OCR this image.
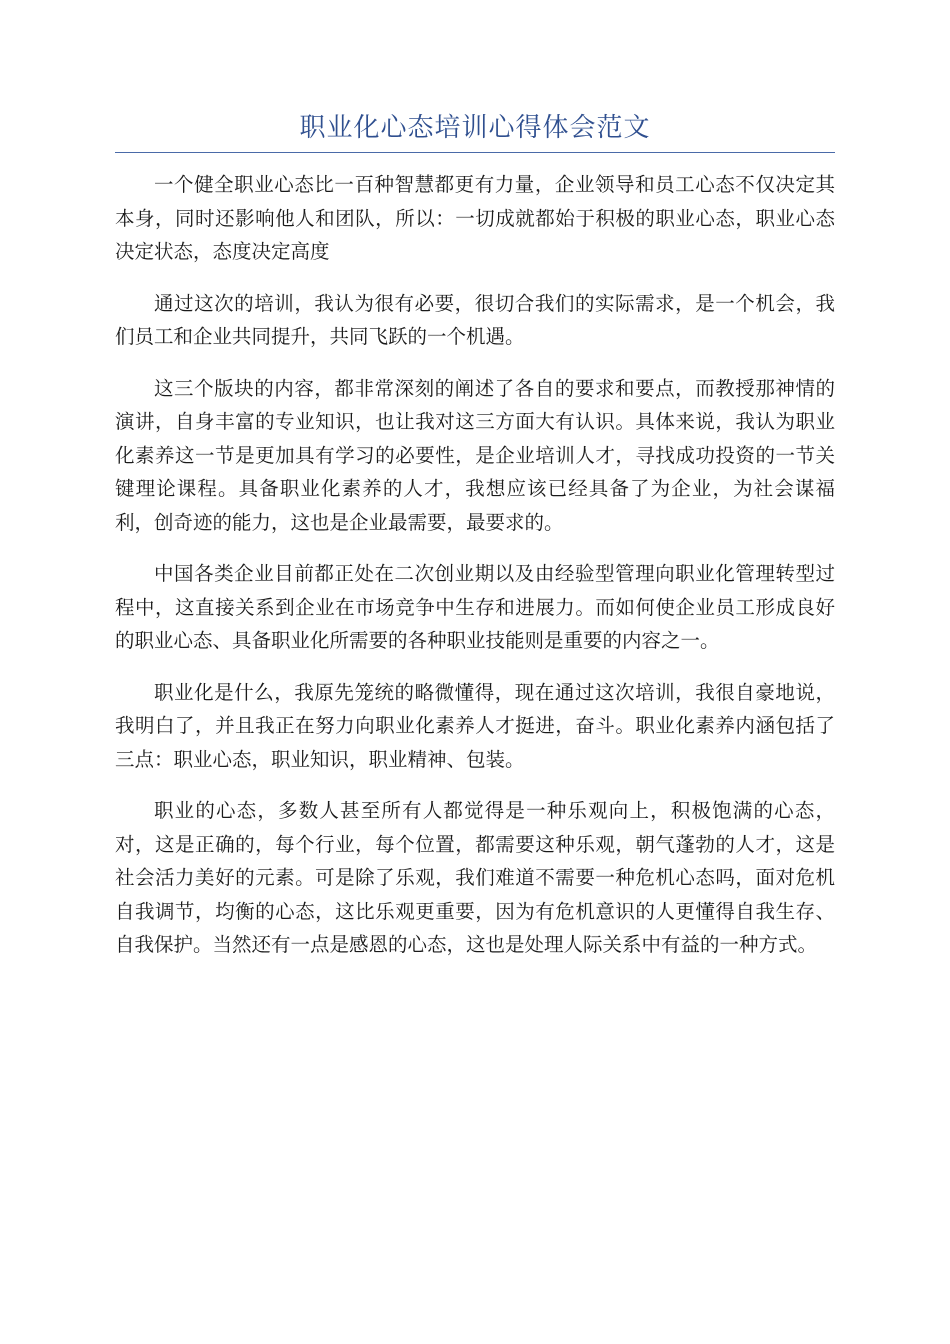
职业化心态培训心得体会范文

一个健全职业心态比一百种智慧都更有力量，企业领导和员工心态不仅决定其本身，同时还影响他人和团队，所以：一切成就都始于积极的职业心态，职业心态决定状态，态度决定高度

通过这次的培训，我认为很有必要，很切合我们的实际需求，是一个机会，我们员工和企业共同提升，共同飞跃的一个机遇。

这三个版块的内容，都非常深刻的阐述了各自的要求和要点，而教授那神情的演讲，自身丰富的专业知识，也让我对这三方面大有认识。具体来说，我认为职业化素养这一节是更加具有学习的必要性，是企业培训人才，寻找成功投资的一节关键理论课程。具备职业化素养的人才，我想应该已经具备了为企业，为社会谋福利，创奇迹的能力，这也是企业最需要，最要求的。

中国各类企业目前都正处在二次创业期以及由经验型管理向职业化管理转型过程中，这直接关系到企业在市场竞争中生存和进展力。而如何使企业员工形成良好的职业心态、具备职业化所需要的各种职业技能则是重要的内容之一。

职业化是什么，我原先笼统的略微懂得，现在通过这次培训，我很自豪地说，我明白了，并且我正在努力向职业化素养人才挺进，奋斗。职业化素养内涵包括了三点：职业心态，职业知识，职业精神、包装。

职业的心态，多数人甚至所有人都觉得是一种乐观向上，积极饱满的心态，对，这是正确的，每个行业，每个位置，都需要这种乐观，朝气蓬勃的人才，这是社会活力美好的元素。可是除了乐观，我们难道不需要一种危机心态吗，面对危机自我调节，均衡的心态，这比乐观更重要，因为有危机意识的人更懂得自我生存、自我保护。当然还有一点是感恩的心态，这也是处理人际关系中有益的一种方式。
